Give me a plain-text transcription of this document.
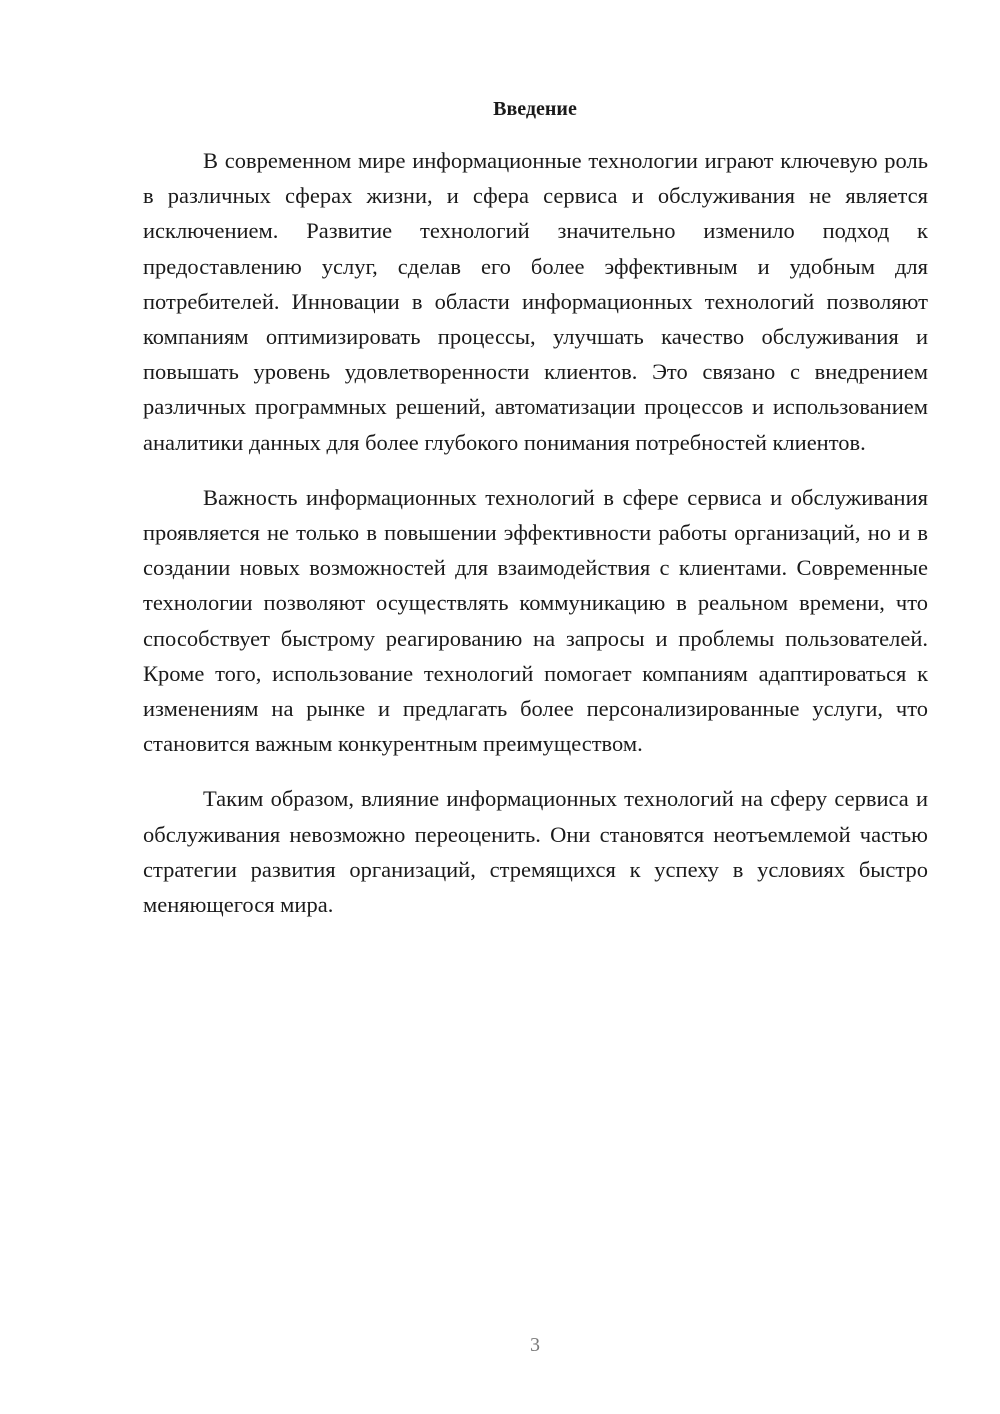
Введение

В современном мире информационные технологии играют ключевую роль в различных сферах жизни, и сфера сервиса и обслуживания не является исключением. Развитие технологий значительно изменило подход к предоставлению услуг, сделав его более эффективным и удобным для потребителей. Инновации в области информационных технологий позволяют компаниям оптимизировать процессы, улучшать качество обслуживания и повышать уровень удовлетворенности клиентов. Это связано с внедрением различных программных решений, автоматизации процессов и использованием аналитики данных для более глубокого понимания потребностей клиентов.

Важность информационных технологий в сфере сервиса и обслуживания проявляется не только в повышении эффективности работы организаций, но и в создании новых возможностей для взаимодействия с клиентами. Современные технологии позволяют осуществлять коммуникацию в реальном времени, что способствует быстрому реагированию на запросы и проблемы пользователей. Кроме того, использование технологий помогает компаниям адаптироваться к изменениям на рынке и предлагать более персонализированные услуги, что становится важным конкурентным преимуществом.

Таким образом, влияние информационных технологий на сферу сервиса и обслуживания невозможно переоценить. Они становятся неотъемлемой частью стратегии развития организаций, стремящихся к успеху в условиях быстро меняющегося мира.

3
